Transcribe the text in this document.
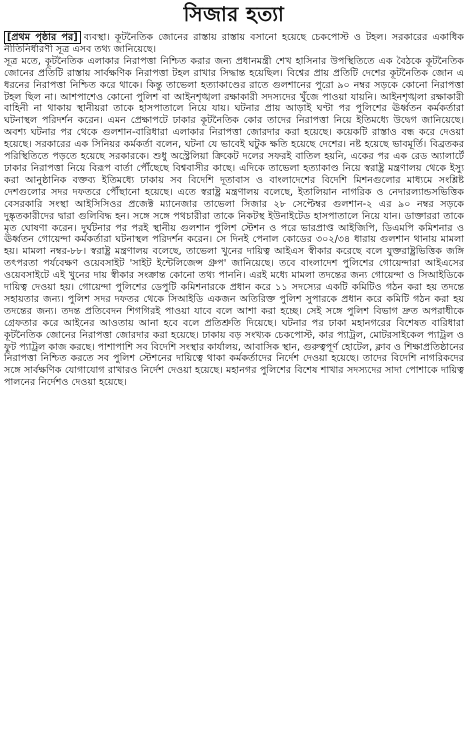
সিজার হত্যা

[প্রথম পৃষ্ঠার পর] ব্যবস্থা। কূটনৈতিক জোনের রাস্তায় রাস্তায় বসানো হয়েছে চেকপোস্ট ও টহল। সরকারের একাধিক নীতিনির্ধারণী সূত্র এসব তথ্য জানিয়েছে।

সূত্র মতে, কূটনৈতিক এলাকার নিরাপত্তা নিশ্চিত করার জন্য প্রধানমন্ত্রী শেখ হাসিনার উপস্থিতিতে এক বৈঠকে কূটনৈতিক জোনের প্রতিটি রাস্তায় সার্বক্ষণিক নিরাপত্তা টহল রাখার সিদ্ধান্ত হয়েছিল। বিশ্বের প্রায় প্রতিটি দেশের কূটনৈতিক জোন এ ধরনের নিরাপত্তা নিশ্চিত করে থাকে। কিন্তু তাভেলা হত্যাকাণ্ডের রাতে গুলশানের পুরো ৯০ নম্বর সড়কে কোনো নিরাপত্তা টহল ছিল না। আশপাশেও কোনো পুলিশ বা আইনশৃঙ্খলা রক্ষাকারী সদস্যদের খুঁজে পাওয়া যায়নি। আইনশৃঙ্খলা রক্ষাকারী বাহিনী না থাকায় স্থানীয়রা তাকে হাসপাতালে নিয়ে যায়। ঘটনার প্রায় আড়াই ঘণ্টা পর পুলিশের ঊর্ধ্বতন কর্মকর্তারা ঘটনাস্থল পরিদর্শন করেন। এমন প্রেক্ষাপটে ঢাকার কূটনৈতিক কোর তাদের নিরাপত্তা নিয়ে ইতিমধ্যে উদ্বেগ জানিয়েছে। অবশ্য ঘটনার পর থেকে গুলশান-বারিধারা এলাকার নিরাপত্তা জোরদার করা হয়েছে। কয়েকটি রাস্তাও বন্ধ করে দেওয়া হয়েছে। সরকারের এক সিনিয়র কর্মকর্তা বলেন, ঘটনা যে ভাবেই ঘটুক ক্ষতি হয়েছে দেশের। নষ্ট হয়েছে ভাবমূর্তি। বিব্রতকর পরিস্থিতিতে পড়তে হয়েছে সরকারকে। শুধু অস্ট্রেলিয়া ক্রিকেট দলের সফরই বাতিল হয়নি, একের পর এক রেড অ্যালার্টে ঢাকার নিরাপত্তা নিয়ে বিরূপ বার্তা পৌঁছেছে বিশ্ববাসীর কাছে। এদিকে তাভেলা হত্যাকাণ্ড নিয়ে স্বরাষ্ট্র মন্ত্রণালয় থেকে ইস্যু করা আনুষ্ঠানিক বক্তব্য ইতিমধ্যে ঢাকায় সব বিদেশি দূতাবাস ও বাংলাদেশের বিদেশি মিশনগুলোর মাধ্যমে সংশ্লিষ্ট দেশগুলোর সদর দফতরে পৌঁছানো হয়েছে। এতে স্বরাষ্ট্র মন্ত্রণালয় বলেছে, ইতালিয়ান নাগরিক ও নেদারল্যান্ডসভিত্তিক বেসরকারি সংস্থা আইসিসিওর প্রজেক্ট ম্যানেজার তাভেলা সিজার ২৮ সেপ্টেম্বর গুলশান-২ এর ৯০ নম্বর সড়কে দুষ্কৃতকারীদের দ্বারা গুলিবিদ্ধ হন। সঙ্গে সঙ্গে পথচারীরা তাকে নিকটস্থ ইউনাইটেড হাসপাতালে নিয়ে যান। ডাক্তাররা তাকে মৃত ঘোষণা করেন। দুর্ঘটনার পর পরই স্থানীয় গুলশান পুলিশ স্টেশন ও পরে ভারপ্রাপ্ত আইজিপি, ডিএমপি কমিশনার ও ঊর্ধ্বতন গোয়েন্দা কর্মকর্তারা ঘটনাস্থল পরিদর্শন করেন। সে দিনই পেনাল কোডের ৩০২/৩৪ ধারায় গুলশান থানায় মামলা হয়। মামলা নম্বর-৮৮। স্বরাষ্ট্র মন্ত্রণালয় বলেছে, তাভেলা খুনের দায়িত্ব আইএস স্বীকার করেছে বলে যুক্তরাষ্ট্রভিত্তিক জঙ্গি তৎপরতা পর্যবেক্ষণ ওয়েবসাইট 'সাইট ইন্টেলিজেন্স গ্রুপ' জানিয়েছে। তবে বাংলাদেশ পুলিশের গোয়েন্দারা আইএসের ওয়েবসাইটে এই খুনের দায় স্বীকার সংক্রান্ত কোনো তথ্য পাননি। এরই মধ্যে মামলা তদন্তের জন্য গোয়েন্দা ও সিআইডিকে দায়িত্ব দেওয়া হয়। গোয়েন্দা পুলিশের ডেপুটি কমিশনারকে প্রধান করে ১১ সদস্যের একটি কমিটিও গঠন করা হয় তদন্তে সহায়তার জন্য। পুলিশ সদর দফতর থেকে সিআইডি একজন অতিরিক্ত পুলিশ সুপারকে প্রধান করে কমিটি গঠন করা হয় তদন্তের জন্য। তদন্ত প্রতিবেদন শিগগিরই পাওয়া যাবে বলে আশা করা হচ্ছে। সেই সঙ্গে পুলিশ বিভাগ দ্রুত অপরাধীকে গ্রেফতার করে আইনের আওতায় আনা হবে বলে প্রতিশ্রুতি দিয়েছে। ঘটনার পর ঢাকা মহানগরের বিশেষত বারিধারা কূটনৈতিক জোনের নিরাপত্তা জোরদার করা হয়েছে। ঢাকায় বড় সংখ্যক চেকপোস্ট, কার প্যাট্রল, মোটরসাইকেল প্যাট্রল ও ফুট প্যাট্রল কাজ করছে। পাশাপাশি সব বিদেশি সংস্থার কার্যালয়, আবাসিক স্থান, গুরুত্বপূর্ণ হোটেল, ক্লাব ও শিক্ষাপ্রতিষ্ঠানের নিরাপত্তা নিশ্চিত করতে সব পুলিশ স্টেশনের দায়িত্বে থাকা কর্মকর্তাদের নির্দেশ দেওয়া হয়েছে। তাদের বিদেশি নাগরিকদের সঙ্গে সার্বক্ষণিক যোগাযোগ রাখারও নির্দেশ দেওয়া হয়েছে। মহানগর পুলিশের বিশেষ শাখার সদস্যদের সাদা পোশাকে দায়িত্ব পালনের নির্দেশও দেওয়া হয়েছে।
